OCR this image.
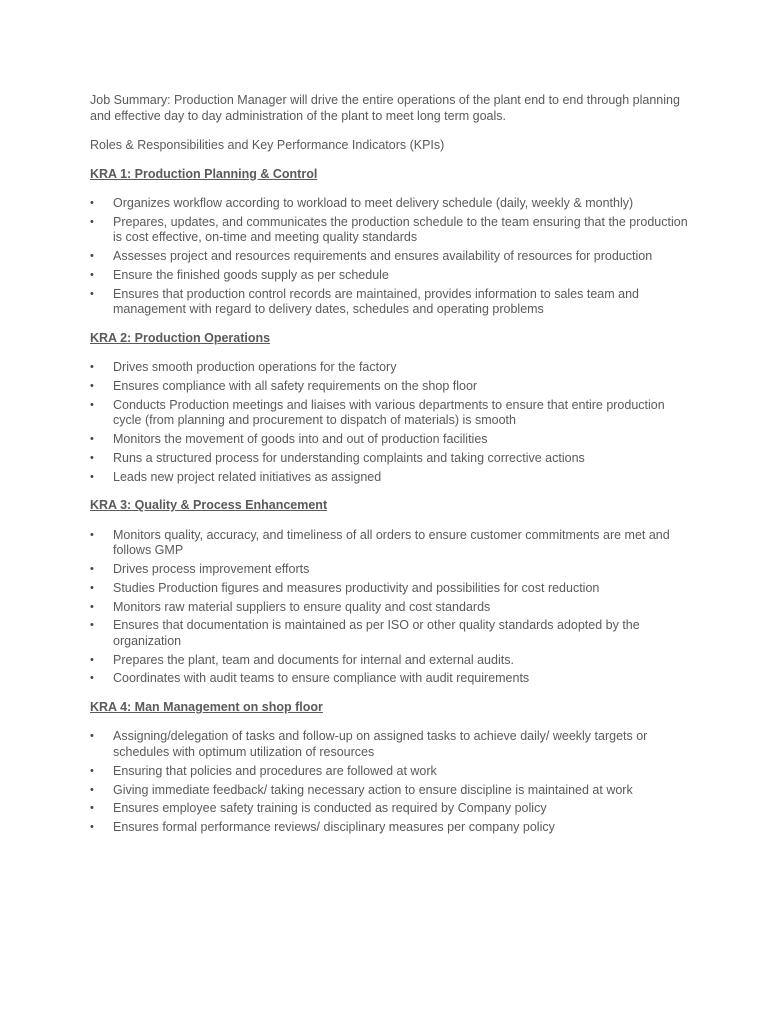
Job Summary: Production Manager will drive the entire operations of the plant end to end through planning and effective day to day administration of the plant to meet long term goals.

Roles & Responsibilities and Key Performance Indicators (KPIs)

KRA 1: Production Planning & Control

• Organizes workflow according to workload to meet delivery schedule (daily, weekly & monthly)
• Prepares, updates, and communicates the production schedule to the team ensuring that the production is cost effective, on-time and meeting quality standards
• Assesses project and resources requirements and ensures availability of resources for production
• Ensure the finished goods supply as per schedule
• Ensures that production control records are maintained, provides information to sales team and management with regard to delivery dates, schedules and operating problems

KRA 2: Production Operations

• Drives smooth production operations for the factory
• Ensures compliance with all safety requirements on the shop floor
• Conducts Production meetings and liaises with various departments to ensure that entire production cycle (from planning and procurement to dispatch of materials) is smooth
• Monitors the movement of goods into and out of production facilities
• Runs a structured process for understanding complaints and taking corrective actions
• Leads new project related initiatives as assigned

KRA 3: Quality & Process Enhancement

• Monitors quality, accuracy, and timeliness of all orders to ensure customer commitments are met and follows GMP
• Drives process improvement efforts
• Studies Production figures and measures productivity and possibilities for cost reduction
• Monitors raw material suppliers to ensure quality and cost standards
• Ensures that documentation is maintained as per ISO or other quality standards adopted by the organization
• Prepares the plant, team and documents for internal and external audits.
• Coordinates with audit teams to ensure compliance with audit requirements

KRA 4: Man Management on shop floor

• Assigning/delegation of tasks and follow-up on assigned tasks to achieve daily/ weekly targets or schedules with optimum utilization of resources
• Ensuring that policies and procedures are followed at work
• Giving immediate feedback/ taking necessary action to ensure discipline is maintained at work
• Ensures employee safety training is conducted as required by Company policy
• Ensures formal performance reviews/ disciplinary measures per company policy
